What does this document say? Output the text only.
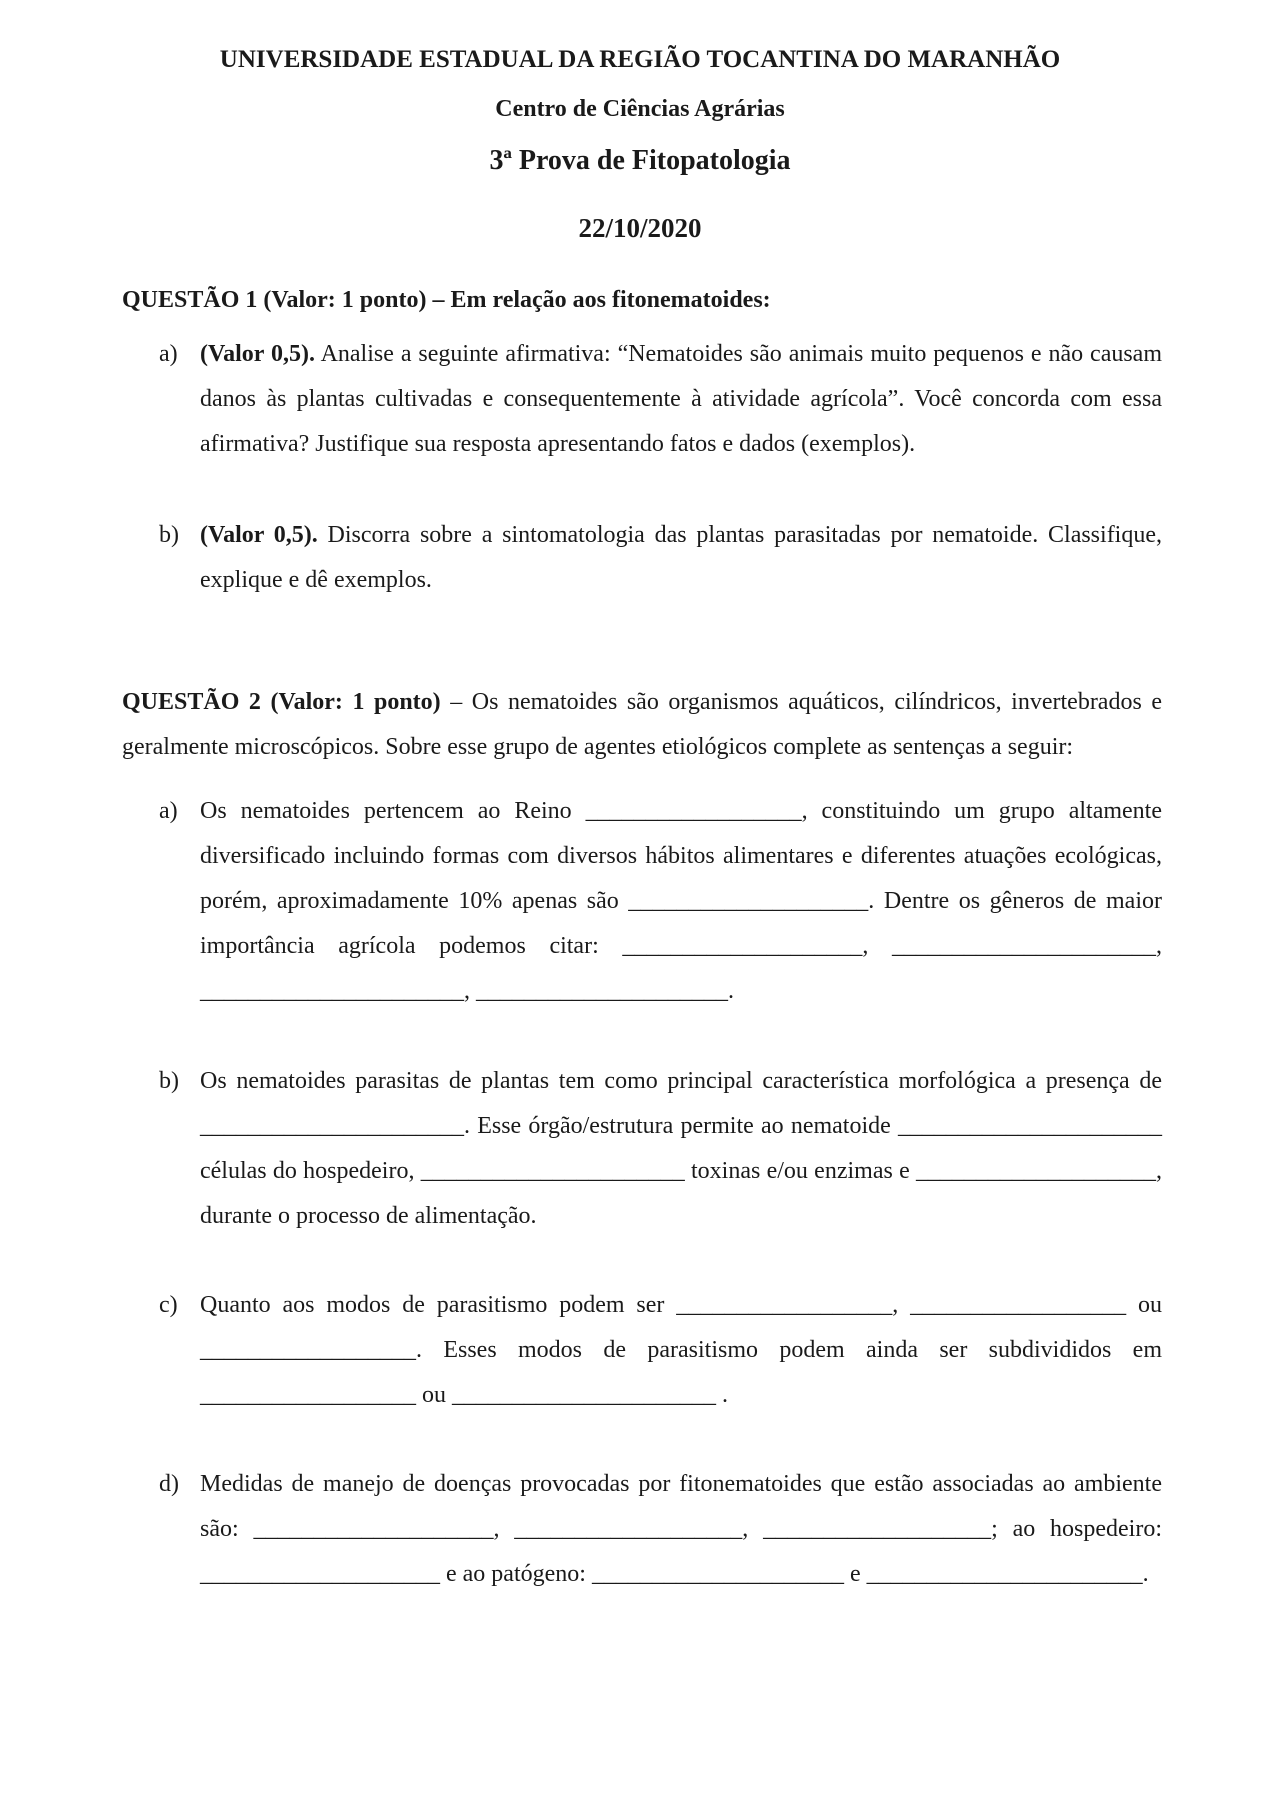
UNIVERSIDADE ESTADUAL DA REGIÃO TOCANTINA DO MARANHÃO
Centro de Ciências Agrárias
3ª Prova de Fitopatologia
22/10/2020
QUESTÃO 1 (Valor: 1 ponto) – Em relação aos fitonematoides:
a) (Valor 0,5). Analise a seguinte afirmativa: “Nematoides são animais muito pequenos e não causam danos às plantas cultivadas e consequentemente à atividade agrícola”. Você concorda com essa afirmativa? Justifique sua resposta apresentando fatos e dados (exemplos).
b) (Valor 0,5). Discorra sobre a sintomatologia das plantas parasitadas por nematoide. Classifique, explique e dê exemplos.
QUESTÃO 2 (Valor: 1 ponto) – Os nematoides são organismos aquáticos, cilíndricos, invertebrados e geralmente microscópicos. Sobre esse grupo de agentes etiológicos complete as sentenças a seguir:
a) Os nematoides pertencem ao Reino __________________, constituindo um grupo altamente diversificado incluindo formas com diversos hábitos alimentares e diferentes atuações ecológicas, porém, aproximadamente 10% apenas são ____________________. Dentre os gêneros de maior importância agrícola podemos citar: ____________________, ______________________, ______________________, _____________________.
b) Os nematoides parasitas de plantas tem como principal característica morfológica a presença de ______________________. Esse órgão/estrutura permite ao nematoide ______________________ células do hospedeiro, ______________________ toxinas e/ou enzimas e ____________________, durante o processo de alimentação.
c) Quanto aos modos de parasitismo podem ser __________________, __________________ ou __________________. Esses modos de parasitismo podem ainda ser subdivididos em __________________ ou ______________________ .
d) Medidas de manejo de doenças provocadas por fitonematoides que estão associadas ao ambiente são: ____________________, ___________________, ___________________; ao hospedeiro: ____________________ e ao patógeno: _____________________ e _______________________.
